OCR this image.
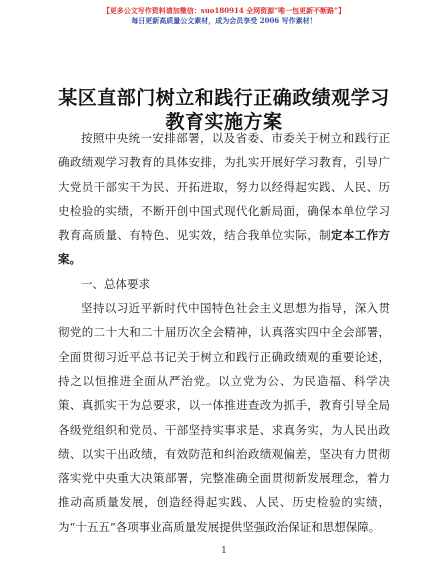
【更多公文写作资料请加微信：suo180914 全网资源“唯一包更新不断路”】
每日更新高质量公文素材，成为会员享受 2006 写作素材！
某区直部门树立和践行正确政绩观学习教育实施方案

按照中央统一安排部署，以及省委、市委关于树立和践行正确政绩观学习教育的具体安排，为扎实开展好学习教育，引导广大党员干部实干为民、开拓进取，努力以经得起实践、人民、历史检验的实绩，不断开创中国式现代化新局面，确保本单位学习教育高质量、有特色、见实效，结合我单位实际，制定本工作方案。

一、总体要求

坚持以习近平新时代中国特色社会主义思想为指导，深入贯彻党的二十大和二十届历次全会精神，认真落实四中全会部署，全面贯彻习近平总书记关于树立和践行正确政绩观的重要论述，持之以恒推进全面从严治党。以立党为公、为民造福、科学决策、真抓实干为总要求，以一体推进查改为抓手，教育引导全局各级党组织和党员、干部坚持实事求是、求真务实，为人民出政绩、以实干出政绩，有效防范和纠治政绩观偏差，坚决有力贯彻落实党中央重大决策部署，完整准确全面贯彻新发展理念，着力推动高质量发展，创造经得起实践、人民、历史检验的实绩，为“十五五”各项事业高质量发展提供坚强政治保证和思想保障。

1
